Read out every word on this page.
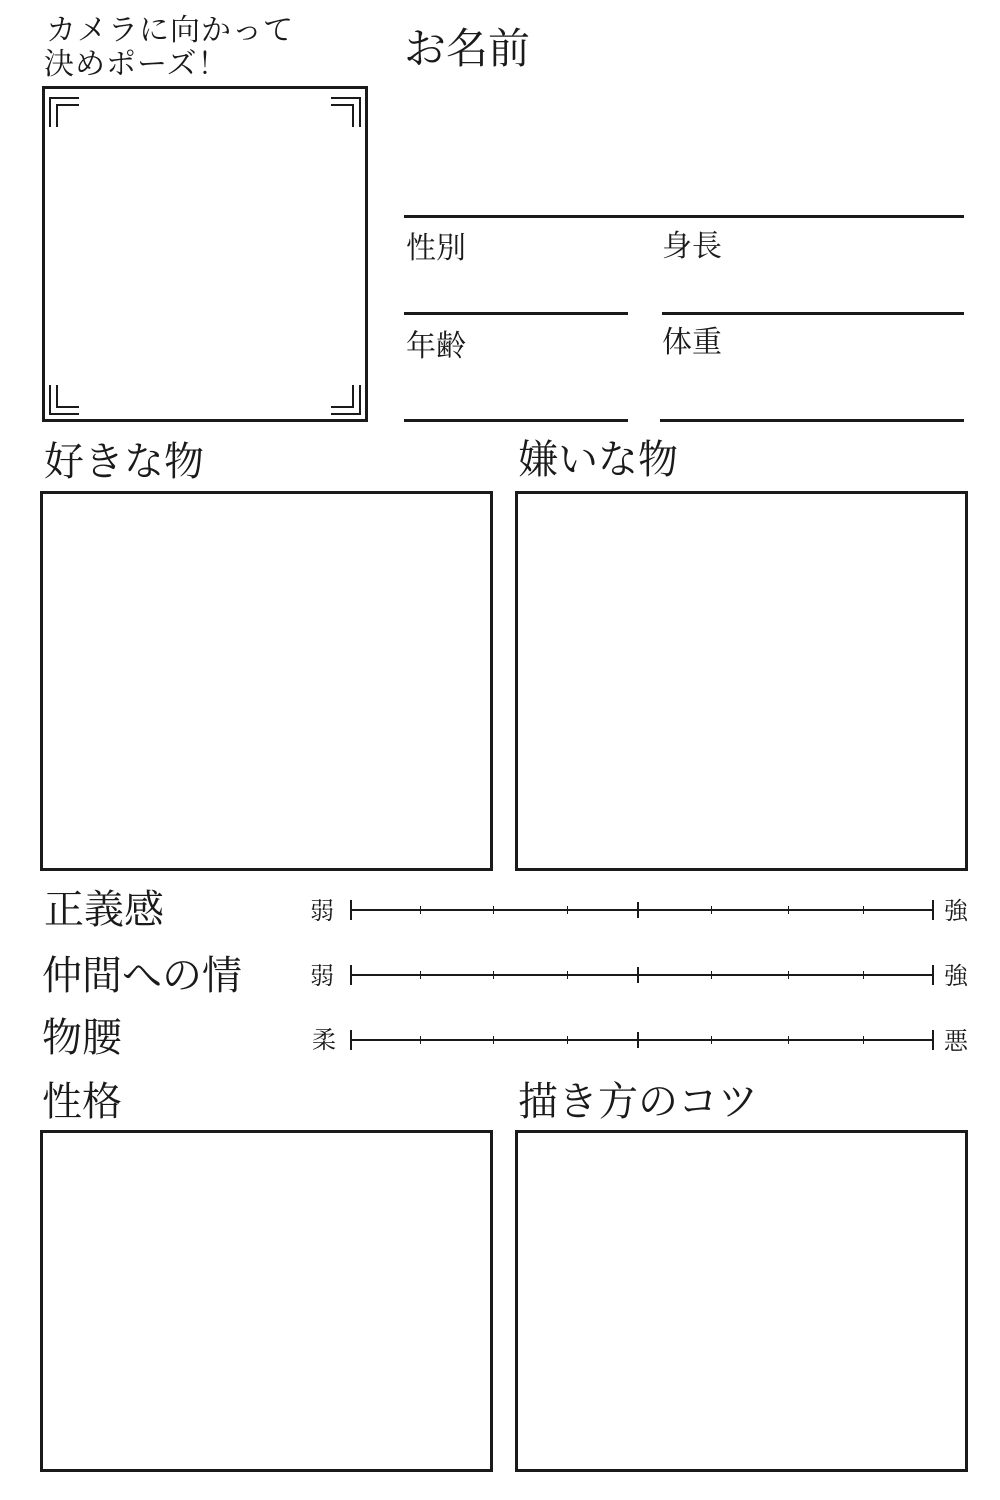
カメラに向かって
決めポーズ！	お名前
性別	身長
年齢	体重
好きな物	嫌いな物
正義感	弱	強
仲間への情	弱	強
物腰	柔	悪
性格	描き方のコツ
